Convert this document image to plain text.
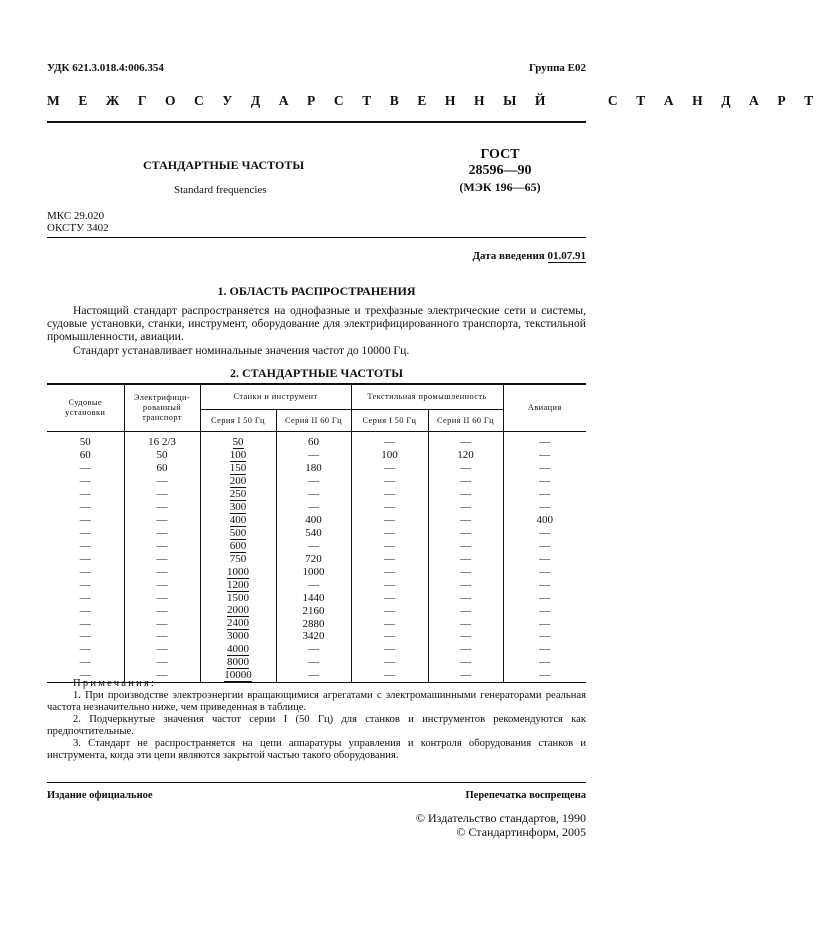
УДК 621.3.018.4:006.354	Группа Е02
М Е Ж Г О С У Д А Р С Т В Е Н Н Ы Й     С Т А Н Д А Р Т
СТАНДАРТНЫЕ ЧАСТОТЫ
Standard frequencies
ГОСТ
28596—90
(МЭК 196—65)
МКС 29.020
ОКСТУ 3402
Дата введения 01.07.91
1. ОБЛАСТЬ РАСПРОСТРАНЕНИЯ

Настоящий стандарт распространяется на однофазные и трехфазные электрические сети и системы, судовые установки, станки, инструмент, оборудование для электрифицированного транспорта, текстильной промышленности, авиации.

Стандарт устанавливает номинальные значения частот до 10000 Гц.

2. СТАНДАРТНЫЕ ЧАСТОТЫ
Судовые установки	Электрифици-рованный транспорт	Станки и инструмент		Текстильная промышленность		Авиация
		Серия I 50 Гц	Серия II 60 Гц	Серия I 50 Гц	Серия II 60 Гц	
50	16 2/3	50	60	—	—	—
60	50	100	—	100	120	—
—	60	150	180	—	—	—
—	—	200	—	—	—	—
—	—	250	—	—	—	—
—	—	300	—	—	—	—
—	—	400	400	—	—	400
—	—	500	540	—	—	—
—	—	600	—	—	—	—
—	—	750	720	—	—	—
—	—	1000	1000	—	—	—
—	—	1200	—	—	—	—
—	—	1500	1440	—	—	—
—	—	2000	2160	—	—	—
—	—	2400	2880	—	—	—
—	—	3000	3420	—	—	—
—	—	4000	—	—	—	—
—	—	8000	—	—	—	—
—	—	10000	—	—	—	—
Примечания:
1. При производстве электроэнергии вращающимися агрегатами с электромашинными генераторами реальная частота незначительно ниже, чем приведенная в таблице.
2. Подчеркнутые значения частот серии I (50 Гц) для станков и инструментов рекомендуются как предпочтительные.
3. Стандарт не распространяется на цепи аппаратуры управления и контроля оборудования станков и инструмента, когда эти цепи являются закрытой частью такого оборудования.
Издание официальное	Перепечатка воспрещена
© Издательство стандартов, 1990
© Стандартинформ, 2005
